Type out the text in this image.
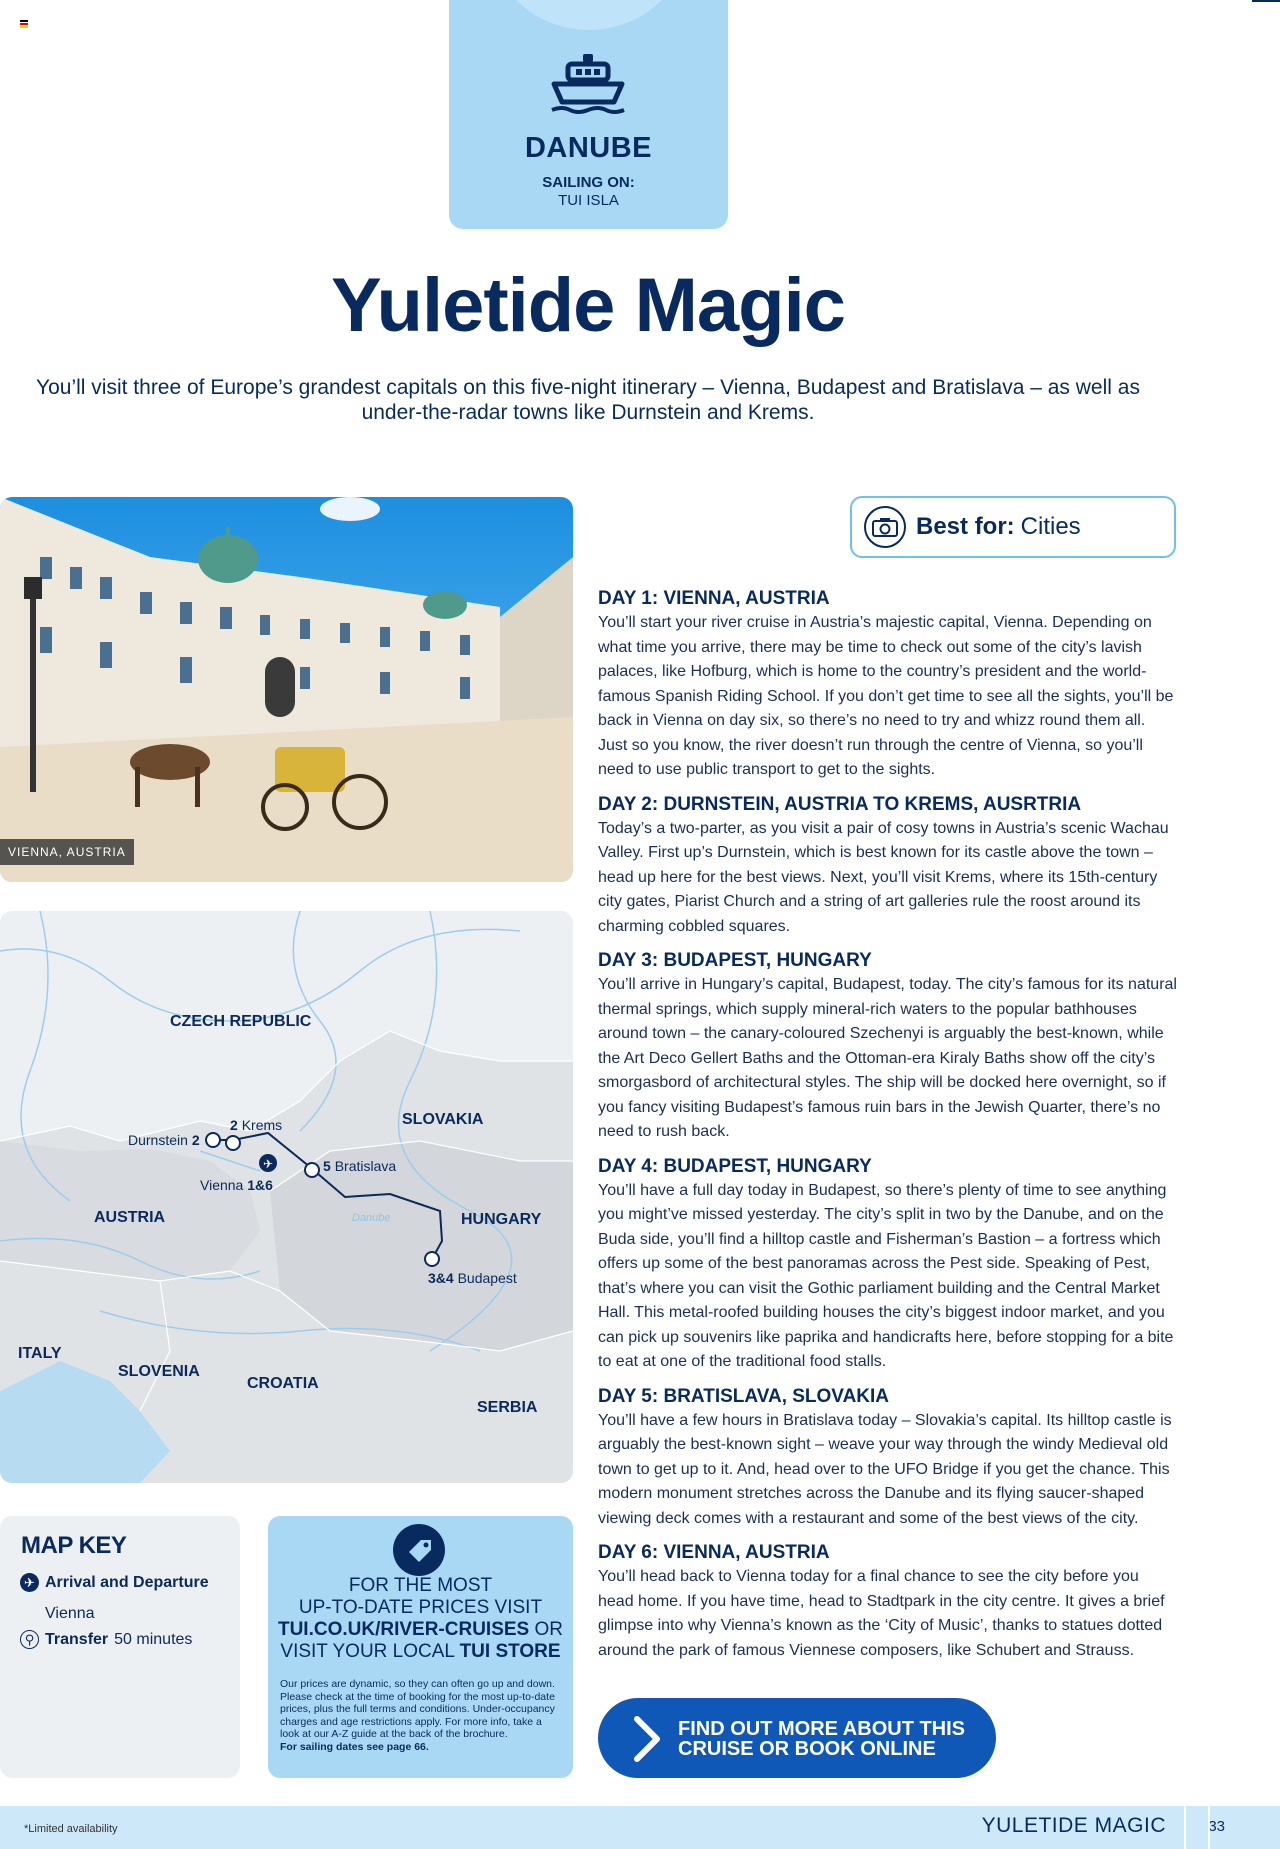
DANUBE
SAILING ON:
TUI ISLA
Yuletide Magic

You’ll visit three of Europe’s grandest capitals on this five-night itinerary – Vienna, Budapest and Bratislava – as well as under-the-radar towns like Durnstein and Krems.

VIENNA, AUSTRIA
✈
CZECH REPUBLIC
SLOVAKIA
AUSTRIA	HUNGARY
ITALY
SLOVENIA
CROATIA
SERBIA
2 Krems
Durnstein 2
Vienna 1&6
5 Bratislava
3&4 Budapest
Danube
MAP KEY
✈ Arrival and Departure
Vienna
⚲ Transfer 50 minutes
FOR THE MOST
UP-TO-DATE PRICES VISIT
TUI.CO.UK/RIVER-CRUISES OR
VISIT YOUR LOCAL TUI STORE
Our prices are dynamic, so they can often go up and down. Please check at the time of booking for the most up-to-date prices, plus the full terms and conditions. Under-occupancy charges and age restrictions apply. For more info, take a look at our A-Z guide at the back of the brochure.
For sailing dates see page 66.
Best for: Cities
DAY 1: VIENNA, AUSTRIA

You’ll start your river cruise in Austria’s majestic capital, Vienna. Depending on what time you arrive, there may be time to check out some of the city’s lavish palaces, like Hofburg, which is home to the country’s president and the world-famous Spanish Riding School. If you don’t get time to see all the sights, you’ll be back in Vienna on day six, so there’s no need to try and whizz round them all. Just so you know, the river doesn’t run through the centre of Vienna, so you’ll need to use public transport to get to the sights.

DAY 2: DURNSTEIN, AUSTRIA TO KREMS, AUSRTRIA

Today’s a two-parter, as you visit a pair of cosy towns in Austria’s scenic Wachau Valley. First up’s Durnstein, which is best known for its castle above the town – head up here for the best views. Next, you’ll visit Krems, where its 15th-century city gates, Piarist Church and a string of art galleries rule the roost around its charming cobbled squares.

DAY 3: BUDAPEST, HUNGARY

You’ll arrive in Hungary’s capital, Budapest, today. The city’s famous for its natural thermal springs, which supply mineral-rich waters to the popular bathhouses around town – the canary-coloured Szechenyi is arguably the best-known, while the Art Deco Gellert Baths and the Ottoman-era Kiraly Baths show off the city’s smorgasbord of architectural styles. The ship will be docked here overnight, so if you fancy visiting Budapest’s famous ruin bars in the Jewish Quarter, there’s no need to rush back.

DAY 4: BUDAPEST, HUNGARY

You’ll have a full day today in Budapest, so there’s plenty of time to see anything you might’ve missed yesterday. The city’s split in two by the Danube, and on the Buda side, you’ll find a hilltop castle and Fisherman’s Bastion – a fortress which offers up some of the best panoramas across the Pest side. Speaking of Pest, that’s where you can visit the Gothic parliament building and the Central Market Hall. This metal-roofed building houses the city’s biggest indoor market, and you can pick up souvenirs like paprika and handicrafts here, before stopping for a bite to eat at one of the traditional food stalls.

DAY 5: BRATISLAVA, SLOVAKIA

You’ll have a few hours in Bratislava today – Slovakia’s capital. Its hilltop castle is arguably the best-known sight – weave your way through the windy Medieval old town to get up to it. And, head over to the UFO Bridge if you get the chance. This modern monument stretches across the Danube and its flying saucer-shaped viewing deck comes with a restaurant and some of the best views of the city.

DAY 6: VIENNA, AUSTRIA

You’ll head back to Vienna today for a final chance to see the city before you head home. If you have time, head to Stadtpark in the city centre. It gives a brief glimpse into why Vienna’s known as the ‘City of Music’, thanks to statues dotted around the park of famous Viennese composers, like Schubert and Strauss.

FIND OUT MORE ABOUT THIS
CRUISE OR BOOK ONLINE
*Limited availability	YULETIDE MAGIC	33
